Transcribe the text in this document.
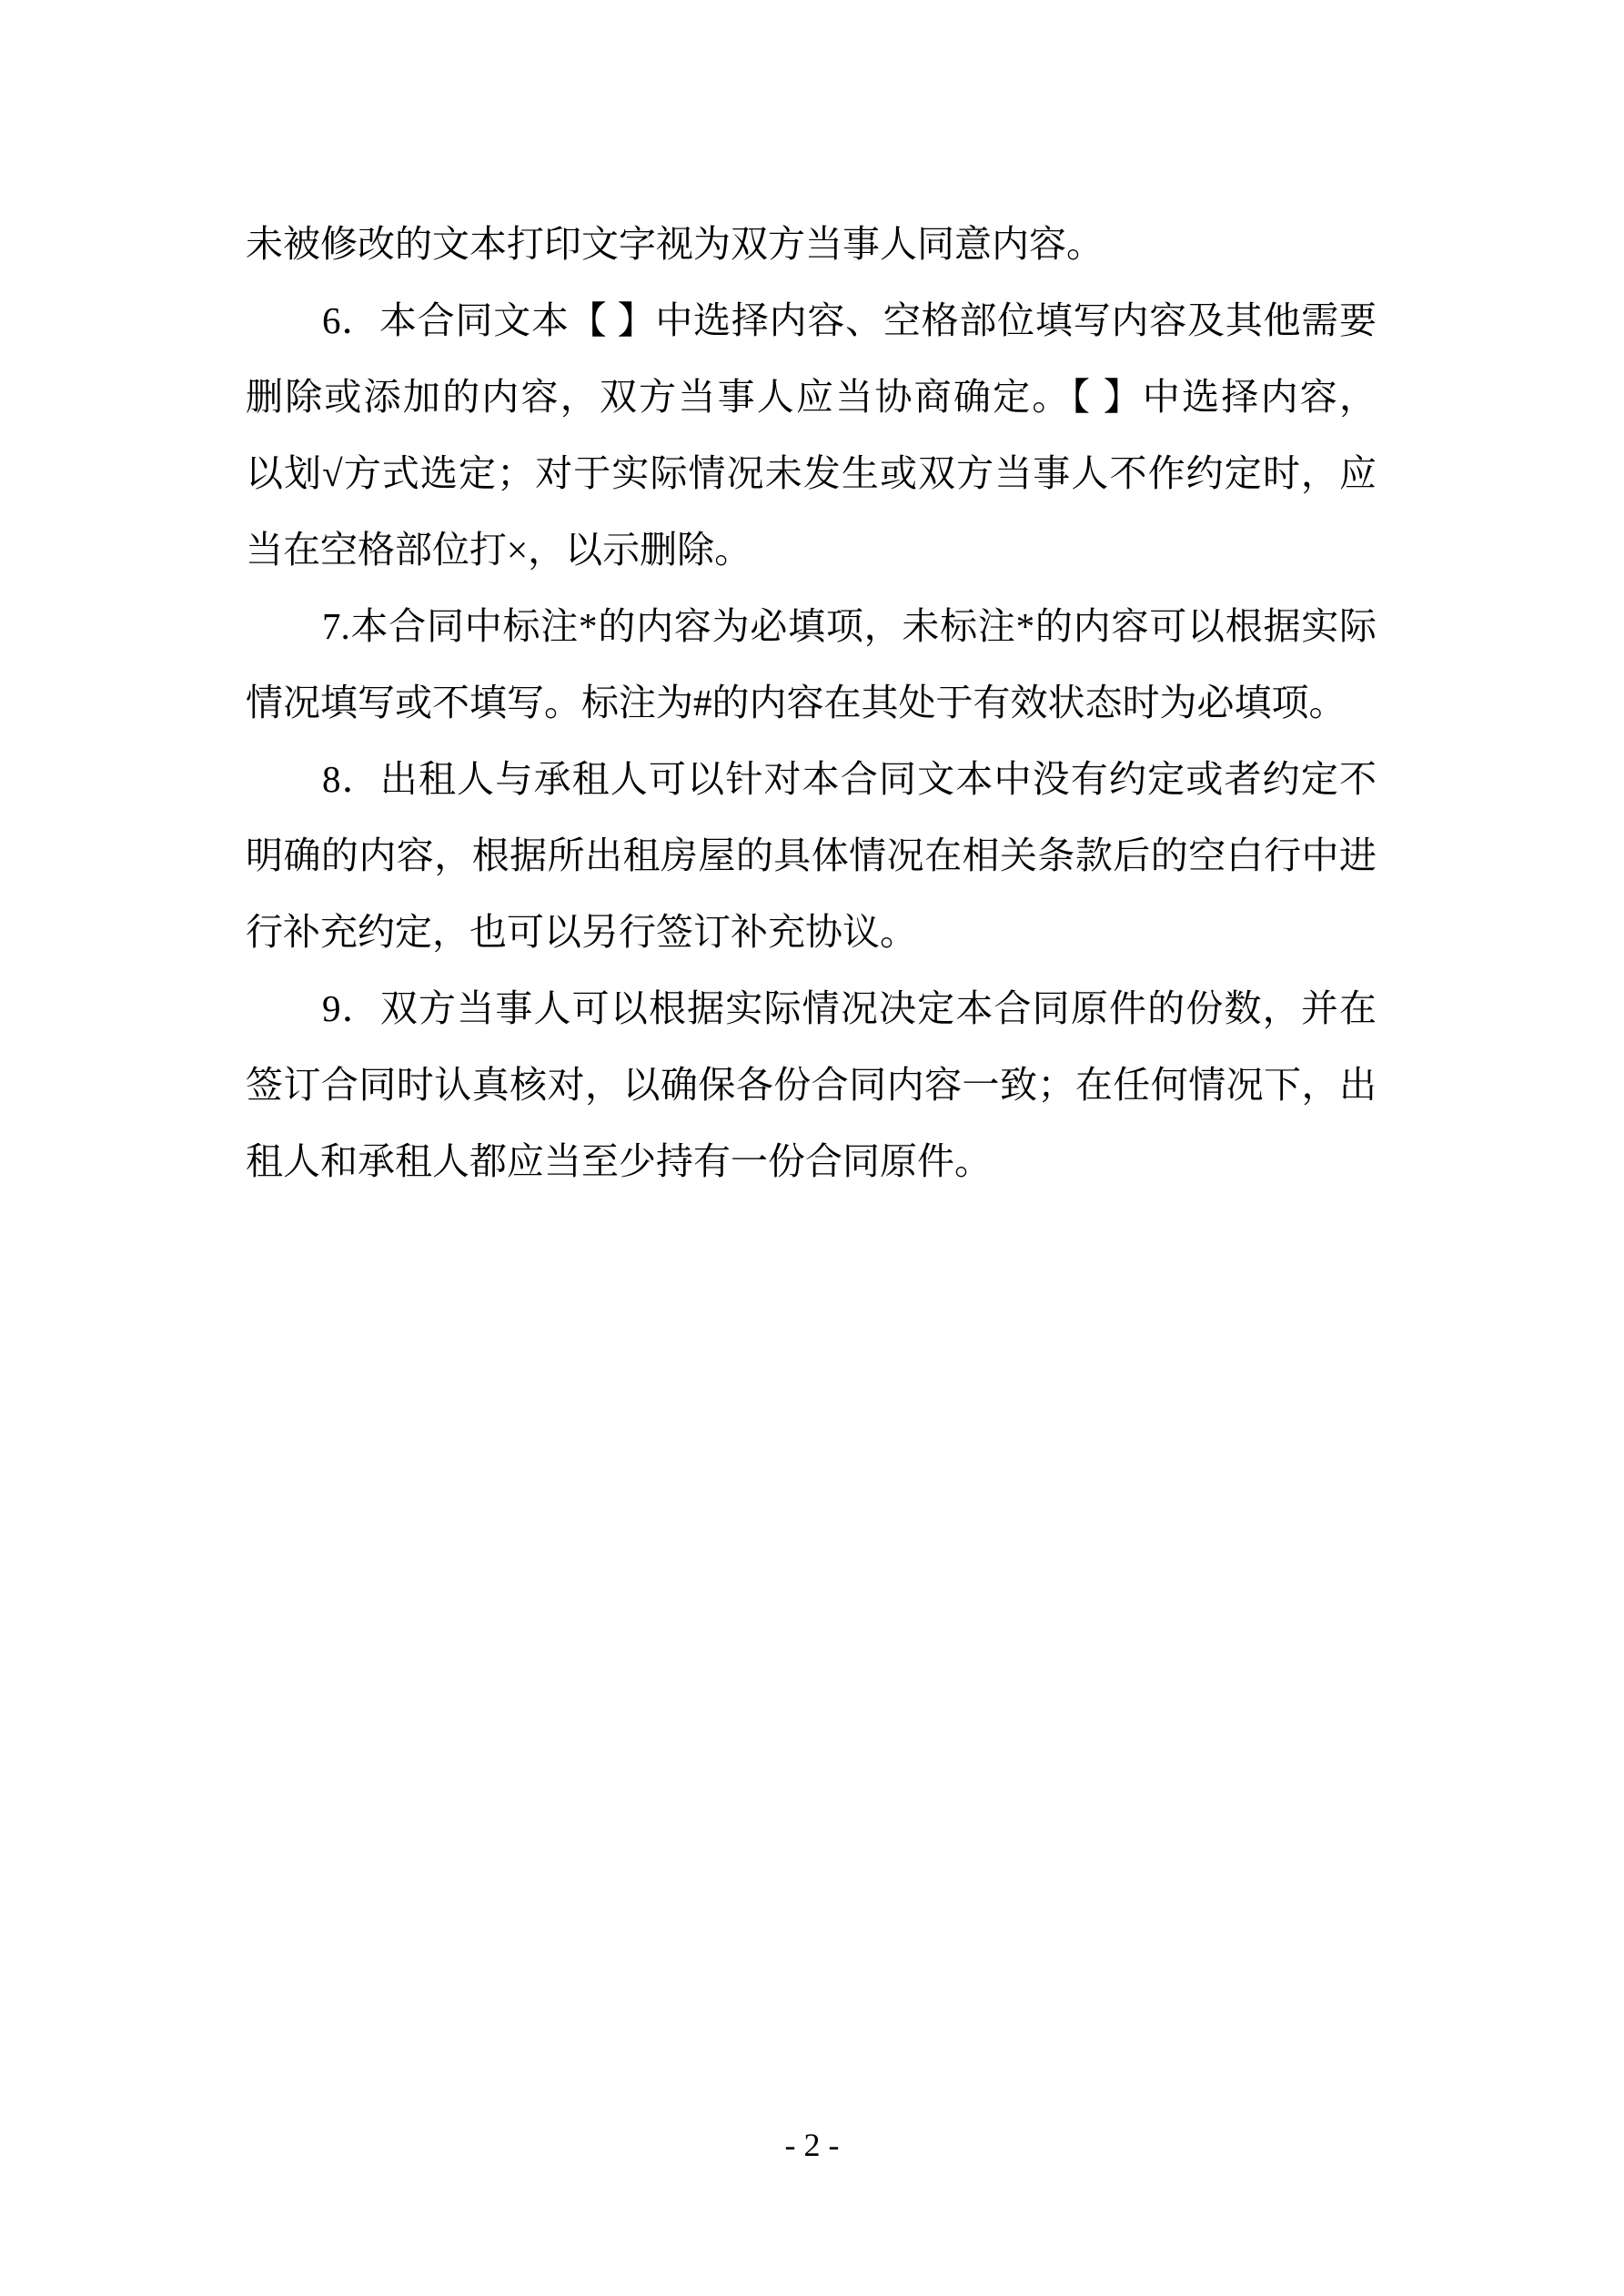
未被修改的文本打印文字视为双方当事人同意内容。
6．本合同文本【 】中选择内容、空格部位填写内容及其他需要
删除或添加的内容，双方当事人应当协商确定。【 】中选择内容，
以划√方式选定；对于实际情况未发生或双方当事人不作约定时，应
当在空格部位打×，以示删除。
7.本合同中标注*的内容为必填项，未标注*的内容可以根据实际
情况填写或不填写。标注为#的内容在其处于有效状态时为必填项。
8．出租人与承租人可以针对本合同文本中没有约定或者约定不
明确的内容，根据所出租房屋的具体情况在相关条款后的空白行中进
行补充约定，也可以另行签订补充协议。
9．双方当事人可以根据实际情况决定本合同原件的份数，并在
签订合同时认真核对，以确保各份合同内容一致；在任何情况下，出
租人和承租人都应当至少持有一份合同原件。
- 2 -
